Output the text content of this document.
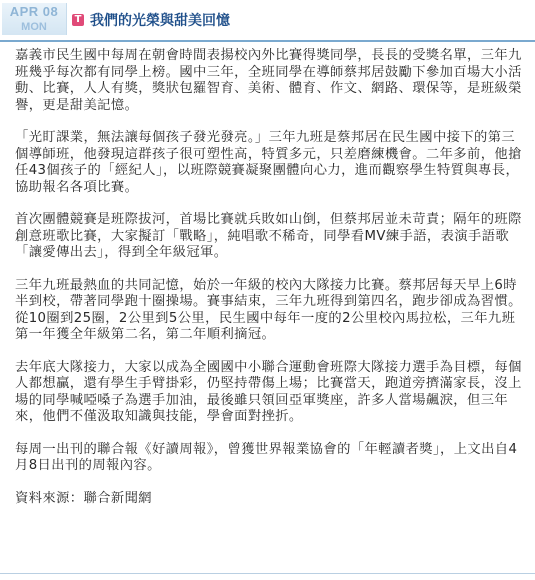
APR 08
MON
T 我們的光榮與甜美回憶

嘉義市民生國中每周在朝會時間表揚校內外比賽得獎同學，長長的受獎名單，三年九班幾乎每次都有同學上榜。國中三年，全班同學在導師蔡邦居鼓勵下參加百場大小活動、比賽，人人有獎，獎狀包羅智育、美術、體育、作文、網路、環保等，是班級榮譽，更是甜美記憶。

「光盯課業，無法讓每個孩子發光發亮。」三年九班是蔡邦居在民生國中接下的第三個導師班，他發現這群孩子很可塑性高，特質多元，只差磨練機會。二年多前，他搶任43個孩子的「經紀人」，以班際競賽凝聚團體向心力，進而觀察學生特質與專長，協助報名各項比賽。

首次團體競賽是班際拔河，首場比賽就兵敗如山倒，但蔡邦居並未苛責；隔年的班際創意班歌比賽，大家擬訂「戰略」，純唱歌不稀奇，同學看MV練手語，表演手語歌「讓愛傳出去」，得到全年級冠軍。

三年九班最熱血的共同記憶，始於一年級的校內大隊接力比賽。蔡邦居每天早上6時半到校，帶著同學跑十圈操場。賽事結束，三年九班得到第四名，跑步卻成為習慣。從10圈到25圈，2公里到5公里，民生國中每年一度的2公里校內馬拉松，三年九班第一年獲全年級第二名，第二年順利摘冠。

去年底大隊接力，大家以成為全國國中小聯合運動會班際大隊接力選手為目標，每個人都想贏，還有學生手臂掛彩，仍堅持帶傷上場；比賽當天，跑道旁擠滿家長，沒上場的同學喊啞嗓子為選手加油，最後雖只領回亞軍獎座，許多人當場飆淚，但三年來，他們不僅汲取知識與技能，學會面對挫折。

每周一出刊的聯合報《好讀周報》，曾獲世界報業協會的「年輕讀者獎」，上文出自4月8日出刊的周報內容。

資料來源：聯合新聞網
